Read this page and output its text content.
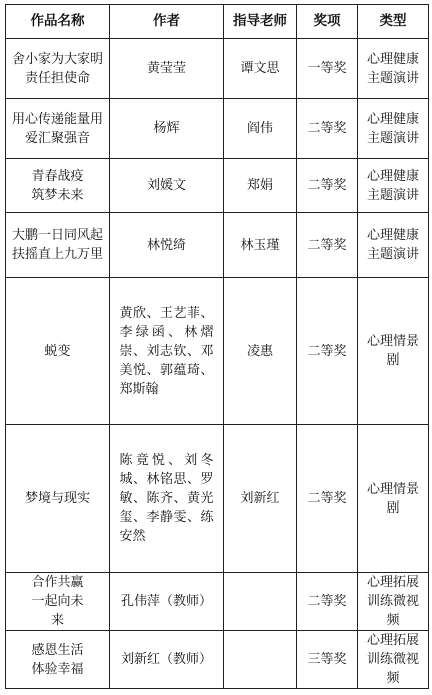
作品名称	作者	指导老师	奖项	类型
舍小家为大家明责任担使命	黄莹莹	谭文思	一等奖	心理健康主题演讲
用心传递能量用爱汇聚强音	杨辉	阎伟	二等奖	心理健康主题演讲
青春战疫筑梦未来	刘媛文	郑娟	二等奖	心理健康主题演讲
大鹏一日同风起扶摇直上九万里	林悦绮	林玉瑾	二等奖	心理健康主题演讲
蜕变	黄欣、王艺菲、李绿函、林熠崇、刘志钦、邓美悦、郭蕴琦、郑斯翰	凌惠	二等奖	心理情景剧
梦境与现实	陈竟悦、刘冬城、林铭思、罗敏、陈齐、黄光玺、李静雯、练安然	刘新红	二等奖	心理情景剧
合作共赢一起向未来	孔伟萍（教师）		二等奖	心理拓展训练微视频
感恩生活体验幸福	刘新红（教师）		三等奖	心理拓展训练微视频
